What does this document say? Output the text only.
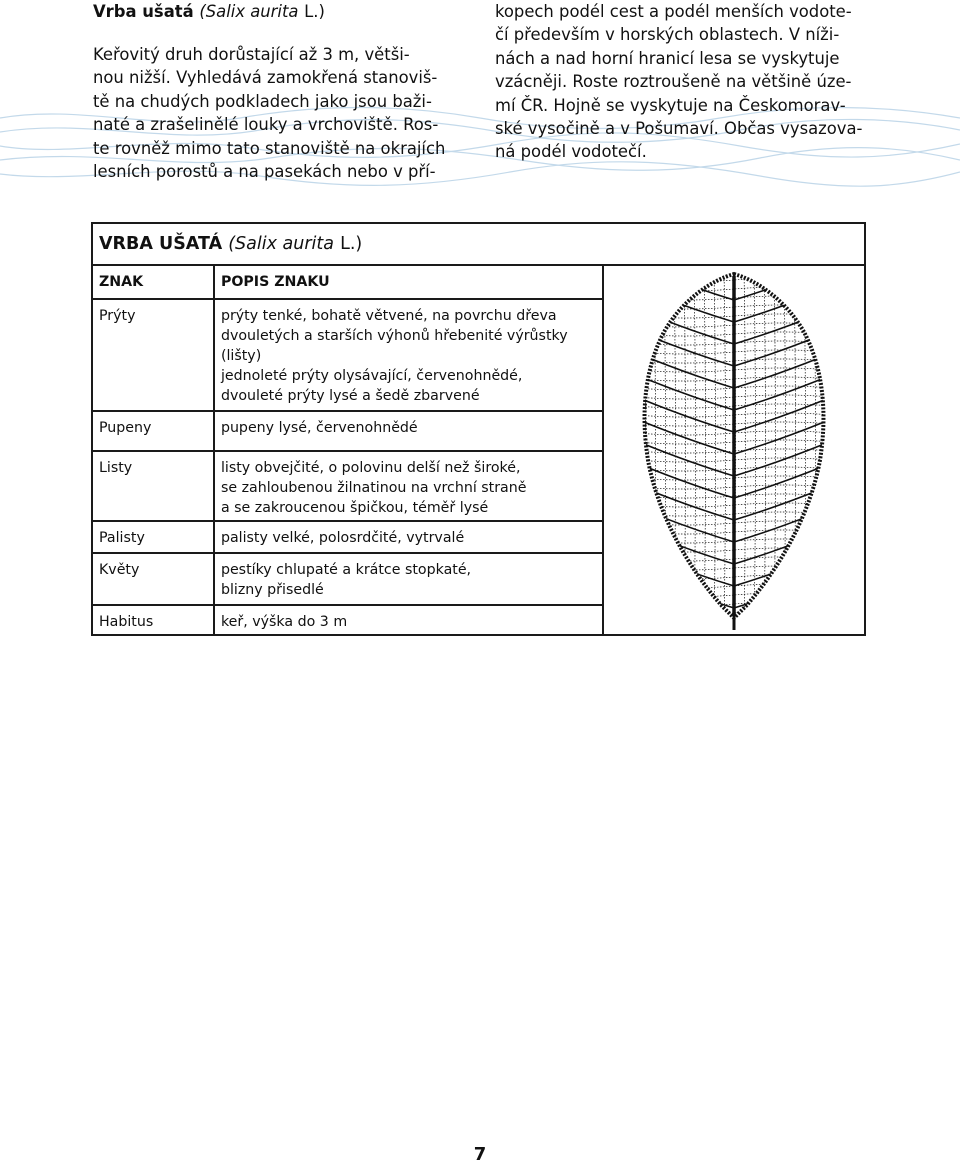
Vrba ušatá (Salix aurita L.)

Keřovitý druh dorůstající až 3 m, větši-
nou nižší. Vyhledává zamokřená stanoviš-
tě na chudých podkladech jako jsou baži-
naté a zrašelinělé louky a vrchoviště. Ros-
te rovněž mimo tato stanoviště na okrajích
lesních porostů a na pasekách nebo v pří-

kopech podél cest a podél menších vodote-
čí především v horských oblastech. V níži-
nách a nad horní hranicí lesa se vyskytuje
vzácněji. Roste roztroušeně na většině úze-
mí ČR. Hojně se vyskytuje na Českomorav-
ské vysočině a v Pošumaví. Občas vysazova-
ná podél vodotečí.

VRBA UŠATÁ (Salix aurita L.)		
ZNAK	POPIS ZNAKU	

Prýty	prýty tenké, bohatě větvené, na povrchu dřeva
dvouletých a starších výhonů hřebenité výrůstky
(lišty)
jednoleté prýty olysávající, červenohnědé,
dvouleté prýty lysé a šedě zbarvené	

Pupeny	pupeny lysé, červenohnědé	

Listy	listy obvejčité, o polovinu delší než široké,
se zahloubenou žilnatinou na vrchní straně
a se zakroucenou špičkou, téměř lysé	

Palisty	palisty velké, polosrdčité, vytrvalé	

Květy	pestíky chlupaté a krátce stopkaté,
blizny přisedlé	

Habitus	keř, výška do 3 m	
7
